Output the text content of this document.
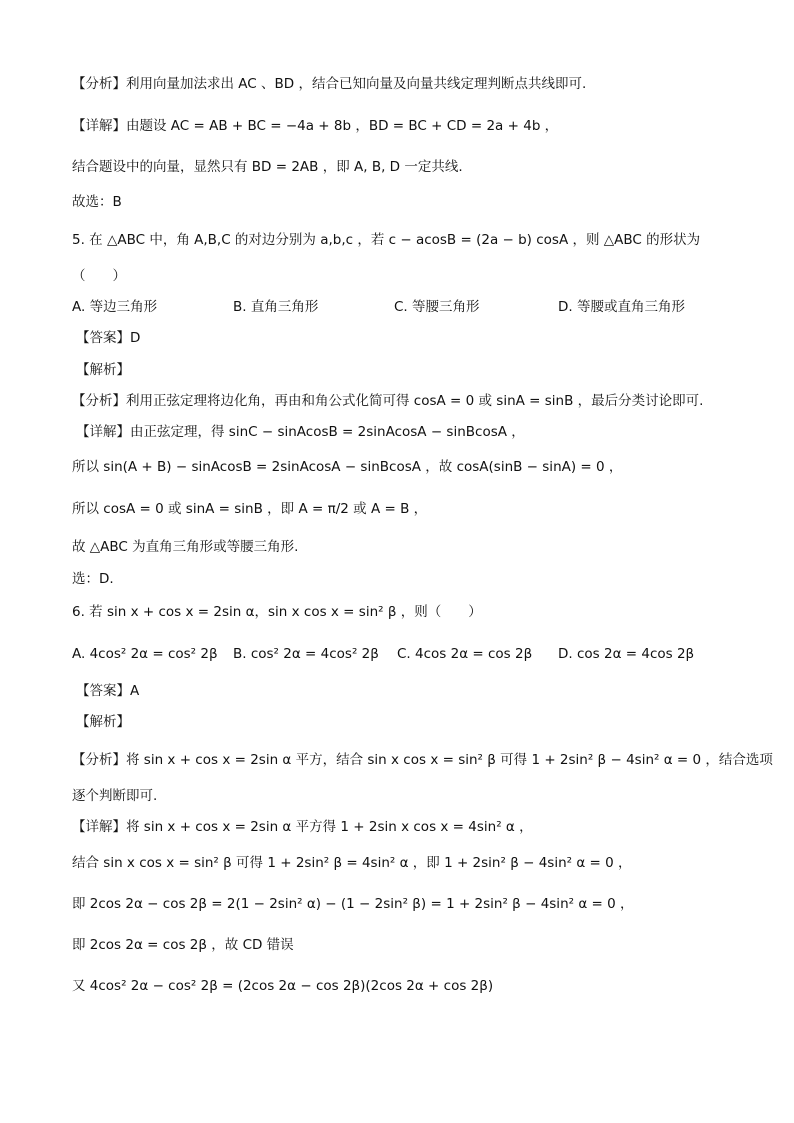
【分析】利用向量加法求出 AC 、BD ，结合已知向量及向量共线定理判断点共线即可.
【详解】由题设 AC = AB + BC = −4a + 8b ，BD = BC + CD = 2a + 4b ，
结合题设中的向量，显然只有 BD = 2AB ，即 A, B, D 一定共线.
故选：B
5. 在 △ABC 中，角 A,B,C 的对边分别为 a,b,c ，若 c − acosB = (2a − b) cosA ，则 △ABC 的形状为
（　　）
A. 等边三角形	B. 直角三角形	C. 等腰三角形	D. 等腰或直角三角形
【答案】D
【解析】
【分析】利用正弦定理将边化角，再由和角公式化简可得 cosA = 0 或 sinA = sinB ，最后分类讨论即可.
【详解】由正弦定理，得 sinC − sinAcosB = 2sinAcosA − sinBcosA ，
所以 sin(A + B) − sinAcosB = 2sinAcosA − sinBcosA ，故 cosA(sinB − sinA) = 0 ，
所以 cosA = 0 或 sinA = sinB ，即 A = π/2 或 A = B ，
故 △ABC 为直角三角形或等腰三角形.
选：D.
6. 若 sin x + cos x = 2sin α，sin x cos x = sin² β ，则（　　）
A. 4cos² 2α = cos² 2β B. cos² 2α = 4cos² 2β C. 4cos 2α = cos 2β D. cos 2α = 4cos 2β
【答案】A
【解析】
【分析】将 sin x + cos x = 2sin α 平方，结合 sin x cos x = sin² β 可得 1 + 2sin² β − 4sin² α = 0 ，结合选项
逐个判断即可.
【详解】将 sin x + cos x = 2sin α 平方得 1 + 2sin x cos x = 4sin² α ，
结合 sin x cos x = sin² β 可得 1 + 2sin² β = 4sin² α ，即 1 + 2sin² β − 4sin² α = 0 ，
即 2cos 2α − cos 2β = 2(1 − 2sin² α) − (1 − 2sin² β) = 1 + 2sin² β − 4sin² α = 0 ，
即 2cos 2α = cos 2β ，故 CD 错误
又 4cos² 2α − cos² 2β = (2cos 2α − cos 2β)(2cos 2α + cos 2β)
